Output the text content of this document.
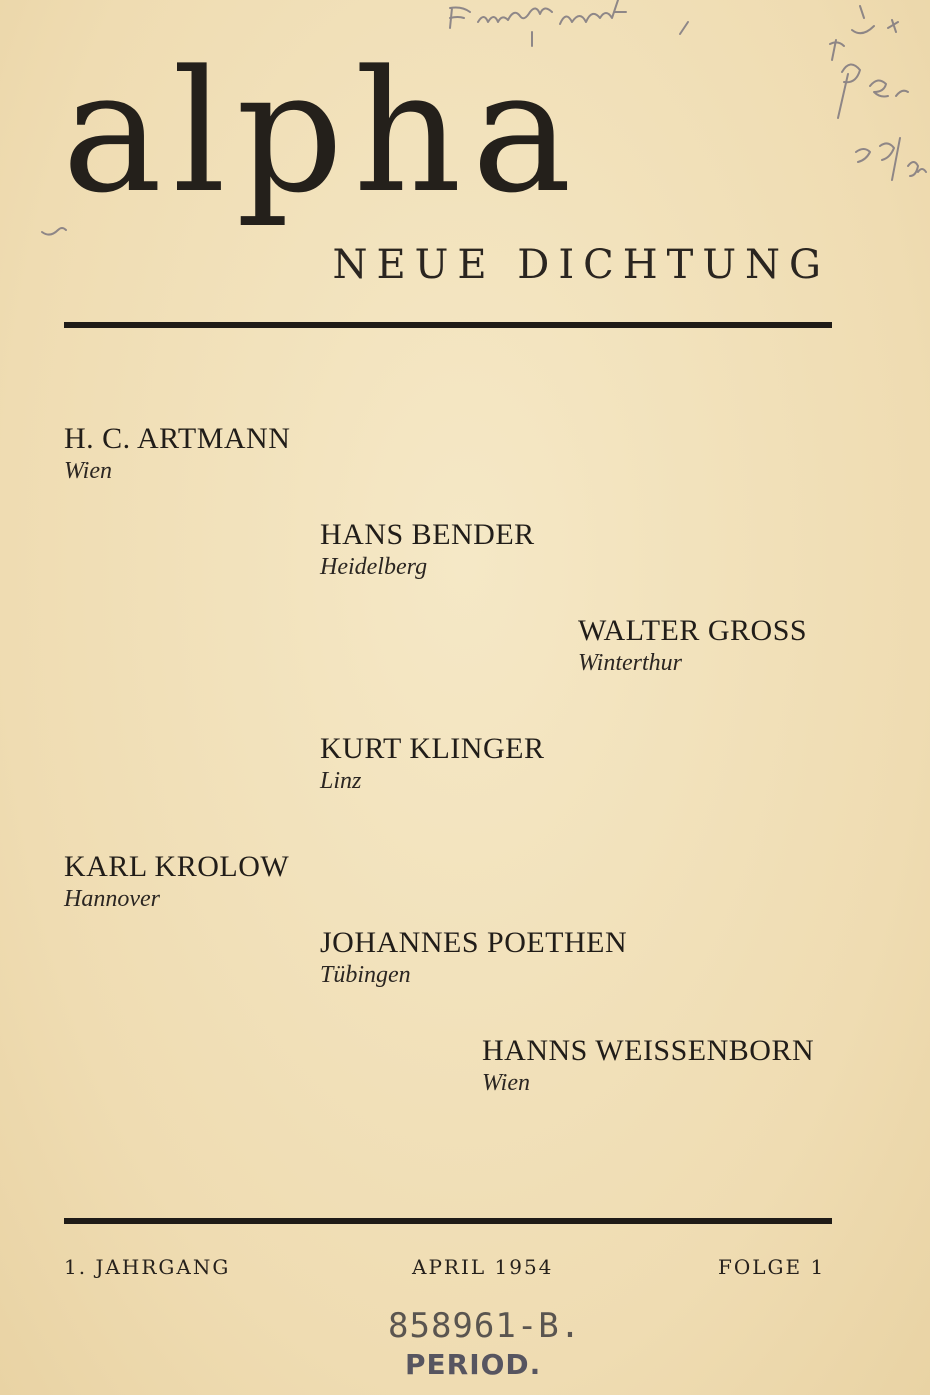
alpha
NEUE DICHTUNG
H. C. ARTMANN
Wien
HANS BENDER
Heidelberg
WALTER GROSS
Winterthur
KURT KLINGER
Linz
KARL KROLOW
Hannover
JOHANNES POETHEN
Tübingen
HANNS WEISSENBORN
Wien
1. JAHRGANG	APRIL 1954	FOLGE 1
858961-B.
PERIOD.
